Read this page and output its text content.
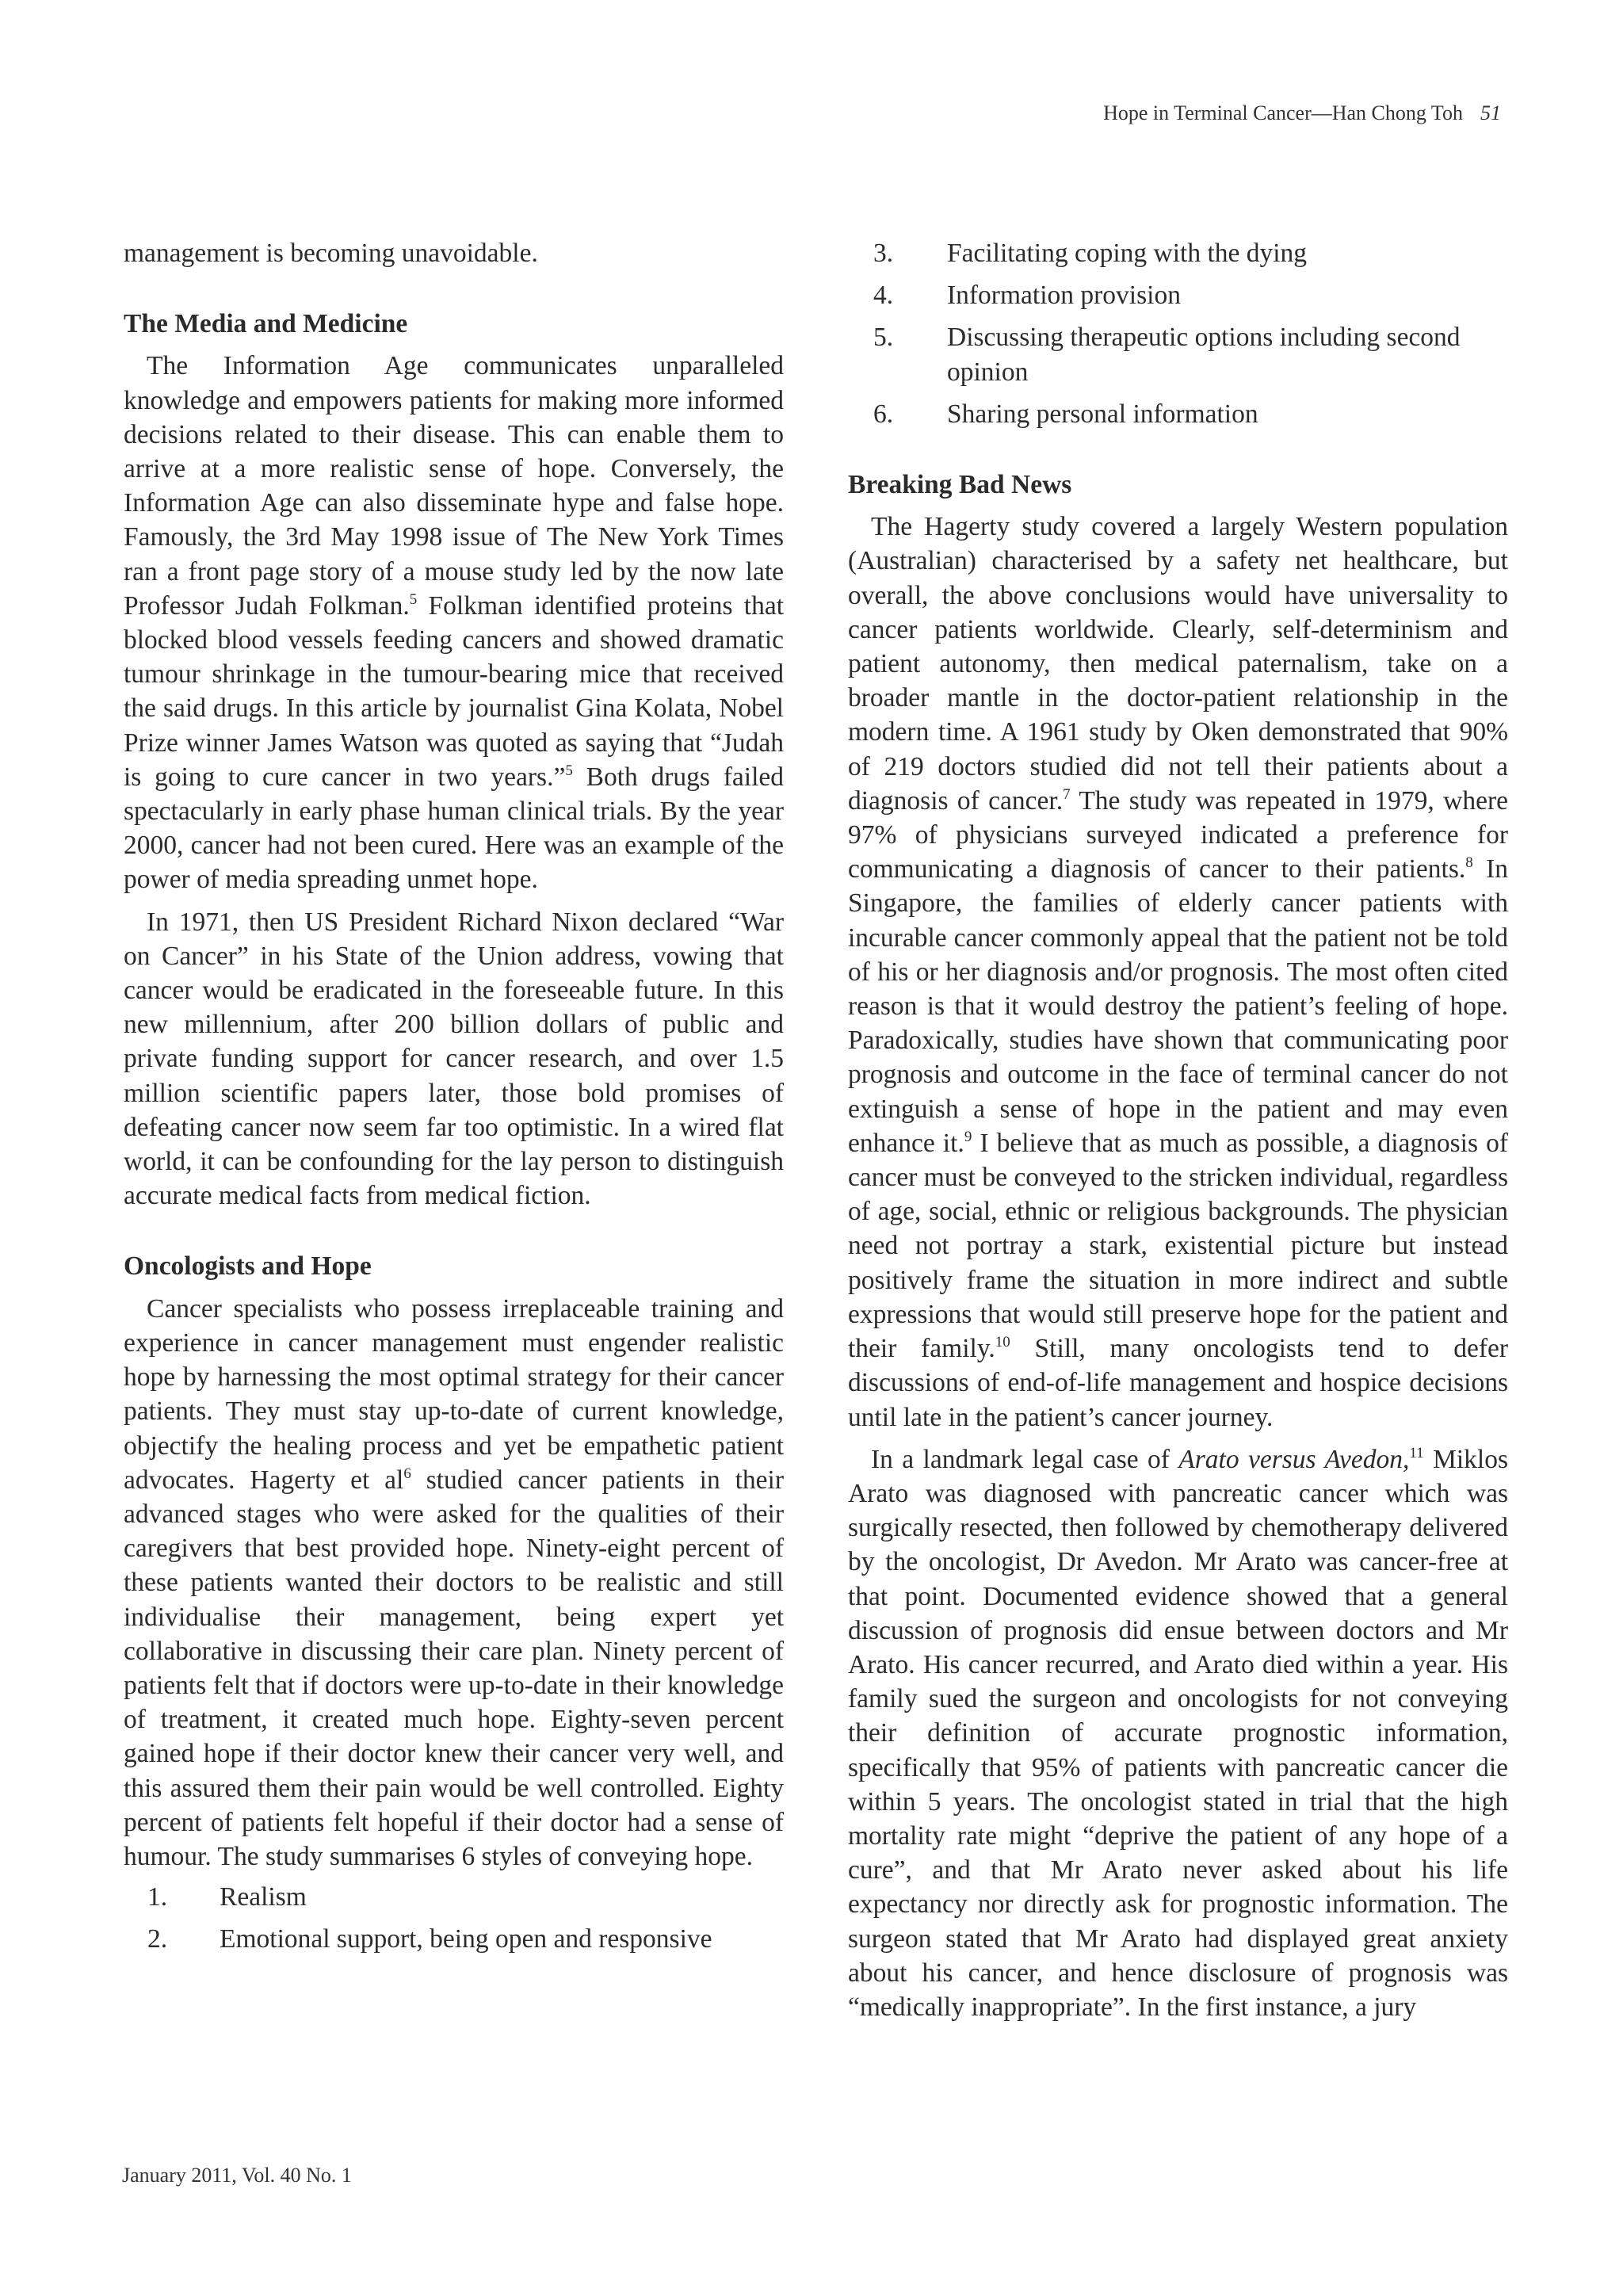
Hope in Terminal Cancer—Han Chong Toh 51

management is becoming unavoidable.

The Media and Medicine

The Information Age communicates unparalleled knowledge and empowers patients for making more informed decisions related to their disease. This can enable them to arrive at a more realistic sense of hope. Conversely, the Information Age can also disseminate hype and false hope. Famously, the 3rd May 1998 issue of The New York Times ran a front page story of a mouse study led by the now late Professor Judah Folkman.$^5$ Folkman identified proteins that blocked blood vessels feeding cancers and showed dramatic tumour shrinkage in the tumour-bearing mice that received the said drugs. In this article by journalist Gina Kolata, Nobel Prize winner James Watson was quoted as saying that “Judah is going to cure cancer in two years.”$^5$ Both drugs failed spectacularly in early phase human clinical trials. By the year 2000, cancer had not been cured. Here was an example of the power of media spreading unmet hope.

In 1971, then US President Richard Nixon declared “War on Cancer” in his State of the Union address, vowing that cancer would be eradicated in the foreseeable future. In this new millennium, after 200 billion dollars of public and private funding support for cancer research, and over 1.5 million scientific papers later, those bold promises of defeating cancer now seem far too optimistic. In a wired flat world, it can be confounding for the lay person to distinguish accurate medical facts from medical fiction.

Oncologists and Hope

Cancer specialists who possess irreplaceable training and experience in cancer management must engender realistic hope by harnessing the most optimal strategy for their cancer patients. They must stay up-to-date of current knowledge, objectify the healing process and yet be empathetic patient advocates. Hagerty et $al^6$ studied cancer patients in their advanced stages who were asked for the qualities of their caregivers that best provided hope. Ninety-eight percent of these patients wanted their doctors to be realistic and still individualise their management, being expert yet collaborative in discussing their care plan. Ninety percent of patients felt that if doctors were up-to-date in their knowledge of treatment, it created much hope. Eighty-seven percent gained hope if their doctor knew their cancer very well, and this assured them their pain would be well controlled. Eighty percent of patients felt hopeful if their doctor had a sense of humour. The study summarises 6 styles of conveying hope.

1. Realism
2. Emotional support, being open and responsive
3. Facilitating coping with the dying
4. Information provision
5. Discussing therapeutic options including second opinion
6. Sharing personal information
Breaking Bad News

The Hagerty study covered a largely Western population (Australian) characterised by a safety net healthcare, but overall, the above conclusions would have universality to cancer patients worldwide. Clearly, self-determinism and patient autonomy, then medical paternalism, take on a broader mantle in the doctor-patient relationship in the modern time. A 1961 study by Oken demonstrated that 90% of 219 doctors studied did not tell their patients about a diagnosis of cancer.$^7$ The study was repeated in 1979, where 97% of physicians surveyed indicated a preference for communicating a diagnosis of cancer to their patients.$^8$ In Singapore, the families of elderly cancer patients with incurable cancer commonly appeal that the patient not be told of his or her diagnosis and/or prognosis. The most often cited reason is that it would destroy the patient’s feeling of hope. Paradoxically, studies have shown that communicating poor prognosis and outcome in the face of terminal cancer do not extinguish a sense of hope in the patient and may even enhance it.$^9$ I believe that as much as possible, a diagnosis of cancer must be conveyed to the stricken individual, regardless of age, social, ethnic or religious backgrounds. The physician need not portray a stark, existential picture but instead positively frame the situation in more indirect and subtle expressions that would still preserve hope for the patient and their family.$^{10}$ Still, many oncologists tend to defer discussions of end-of-life management and hospice decisions until late in the patient’s cancer journey.

In a landmark legal case of Arato versus Avedon,$^{11}$ Miklos Arato was diagnosed with pancreatic cancer which was surgically resected, then followed by chemotherapy delivered by the oncologist, Dr Avedon. Mr Arato was cancer-free at that point. Documented evidence showed that a general discussion of prognosis did ensue between doctors and Mr Arato. His cancer recurred, and Arato died within a year. His family sued the surgeon and oncologists for not conveying their definition of accurate prognostic information, specifically that 95% of patients with pancreatic cancer die within 5 years. The oncologist stated in trial that the high mortality rate might “deprive the patient of any hope of a cure”, and that Mr Arato never asked about his life expectancy nor directly ask for prognostic information. The surgeon stated that Mr Arato had displayed great anxiety about his cancer, and hence disclosure of prognosis was “medically inappropriate”. In the first instance, a jury

January 2011, Vol. 40 No. 1
